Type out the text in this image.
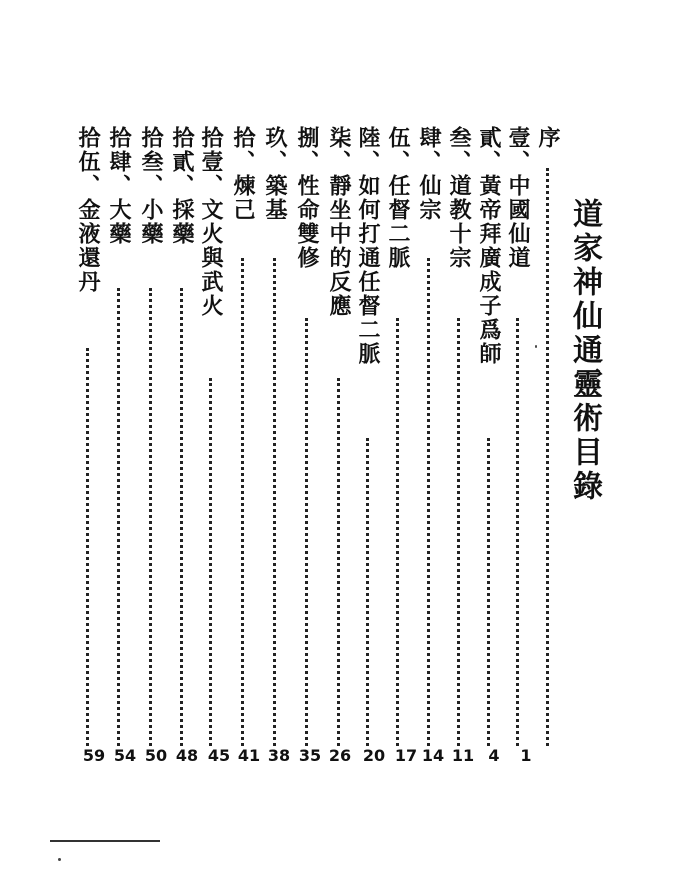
道家神仙通靈術目錄
序
壹、中國仙道
1
貳、黃帝拜廣成子爲師
4
叁、道教十宗
11
肆、仙宗
14
伍、任督二脈
17
陸、如何打通任督二脈
20
柒、靜坐中的反應
26
捌、性命雙修
35
玖、築基
38
拾、煉己
41
拾壹、文火與武火
45
拾貳、採藥
48
拾叁、小藥
50
拾肆、大藥
54
拾伍、金液還丹
59
